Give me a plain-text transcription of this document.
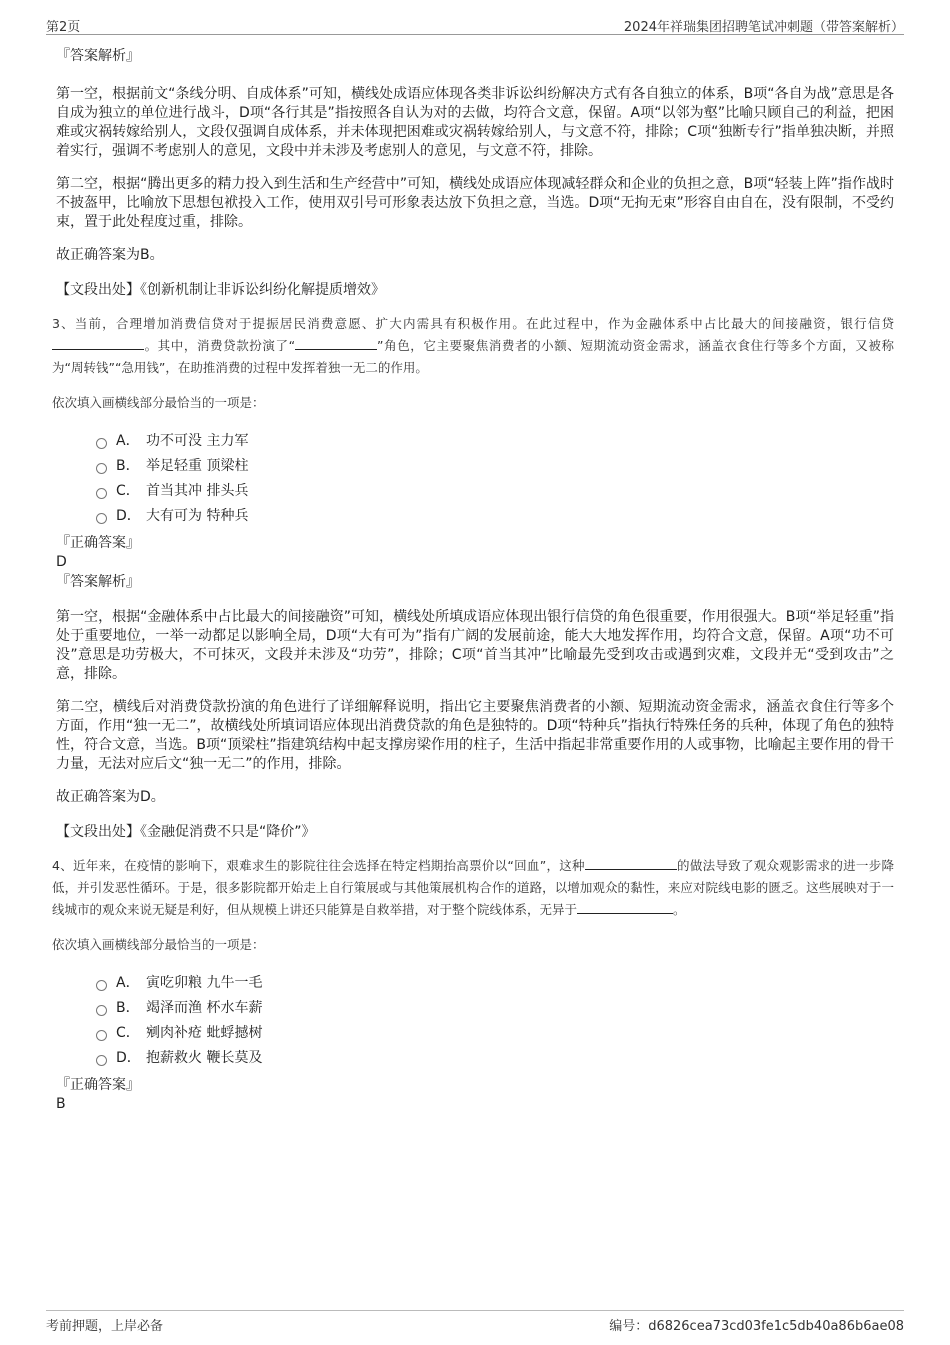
第2页	2024年祥瑞集团招聘笔试冲刺题（带答案解析）

『答案解析』

第一空，根据前文“条线分明、自成体系”可知，横线处成语应体现各类非诉讼纠纷解决方式有各自独立的体系，B项“各自为战”意思是各自成为独立的单位进行战斗，D项“各行其是”指按照各自认为对的去做，均符合文意，保留。A项“以邻为壑”比喻只顾自己的利益，把困难或灾祸转嫁给别人，文段仅强调自成体系，并未体现把困难或灾祸转嫁给别人，与文意不符，排除；C项“独断专行”指单独决断，并照着实行，强调不考虑别人的意见，文段中并未涉及考虑别人的意见，与文意不符，排除。

第二空，根据“腾出更多的精力投入到生活和生产经营中”可知，横线处成语应体现减轻群众和企业的负担之意，B项“轻装上阵”指作战时不披盔甲，比喻放下思想包袱投入工作，使用双引号可形象表达放下负担之意，当选。D项“无拘无束”形容自由自在，没有限制，不受约束，置于此处程度过重，排除。

故正确答案为B。

【文段出处】《创新机制让非诉讼纠纷化解提质增效》

3、当前，合理增加消费信贷对于提振居民消费意愿、扩大内需具有积极作用。在此过程中，作为金融体系中占比最大的间接融资，银行信贷。其中，消费贷款扮演了“	”角色，它主要聚焦消费者的小额、短期流动资金需求，涵盖衣食住行等多个方面，又被称为“周转钱”“急用钱”，在助推消费的过程中发挥着独一无二的作用。

依次填入画横线部分最恰当的一项是：

A． 功不可没 主力军
B． 举足轻重 顶梁柱
C． 首当其冲 排头兵
D． 大有可为 特种兵

『正确答案』

D

『答案解析』

第一空，根据“金融体系中占比最大的间接融资”可知，横线处所填成语应体现出银行信贷的角色很重要，作用很强大。B项“举足轻重”指处于重要地位，一举一动都足以影响全局，D项“大有可为”指有广阔的发展前途，能大大地发挥作用，均符合文意，保留。A项“功不可没”意思是功劳极大，不可抹灭，文段并未涉及“功劳”，排除；C项“首当其冲”比喻最先受到攻击或遇到灾难，文段并无“受到攻击”之意，排除。

第二空，横线后对消费贷款扮演的角色进行了详细解释说明，指出它主要聚焦消费者的小额、短期流动资金需求，涵盖衣食住行等多个方面，作用“独一无二”，故横线处所填词语应体现出消费贷款的角色是独特的。D项“特种兵”指执行特殊任务的兵种，体现了角色的独特性，符合文意，当选。B项“顶梁柱”指建筑结构中起支撑房梁作用的柱子，生活中指起非常重要作用的人或事物，比喻起主要作用的骨干力量，无法对应后文“独一无二”的作用，排除。

故正确答案为D。

【文段出处】《金融促消费不只是“降价”》

4、近年来，在疫情的影响下，艰难求生的影院往往会选择在特定档期抬高票价以“回血”，这种	的做法导致了观众观影需求的进一步降低，并引发恶性循环。于是，很多影院都开始走上自行策展或与其他策展机构合作的道路，以增加观众的黏性，来应对院线电影的匮乏。这些展映对于一线城市的观众来说无疑是利好，但从规模上讲还只能算是自救举措，对于整个院线体系，无异于	。

依次填入画横线部分最恰当的一项是：

A． 寅吃卯粮 九牛一毛
B． 竭泽而渔 杯水车薪
C． 剜肉补疮 蚍蜉撼树
D． 抱薪救火 鞭长莫及

『正确答案』

B

考前押题，上岸必备	编号：d6826cea73cd03fe1c5db40a86b6ae08
